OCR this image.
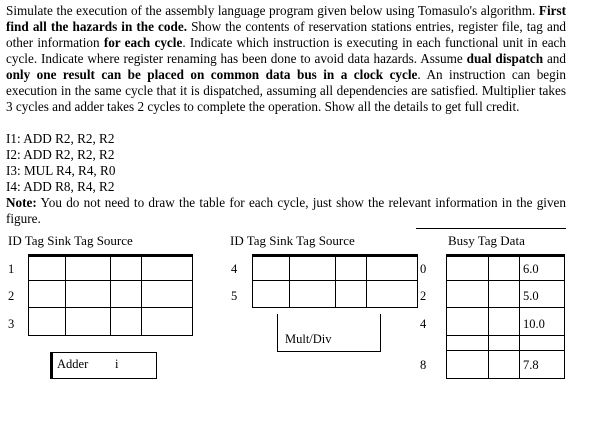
Simulate the execution of the assembly language program given below using Tomasulo's algorithm. First find all the hazards in the code. Show the contents of reservation stations entries, register file, tag and other information for each cycle. Indicate which instruction is executing in each functional unit in each cycle. Indicate where register renaming has been done to avoid data hazards. Assume dual dispatch and only one result can be placed on common data bus in a clock cycle. An instruction can begin execution in the same cycle that it is dispatched, assuming all dependencies are satisfied. Multiplier takes 3 cycles and adder takes 2 cycles to complete the operation. Show all the details to get full credit.
I1: ADD R2, R2, R2
I2: ADD R2, R2, R2
I3: MUL R4, R4, R0
I4: ADD R8, R4, R2
Note: You do not need to draw the table for each cycle, just show the relevant information in the given figure.
ID Tag Sink Tag Source
1
2
3
Adder i
ID Tag Sink Tag Source
4
5
Mult/Div
Busy Tag Data
0
2
4
8
6.0
5.0
10.0
7.8
